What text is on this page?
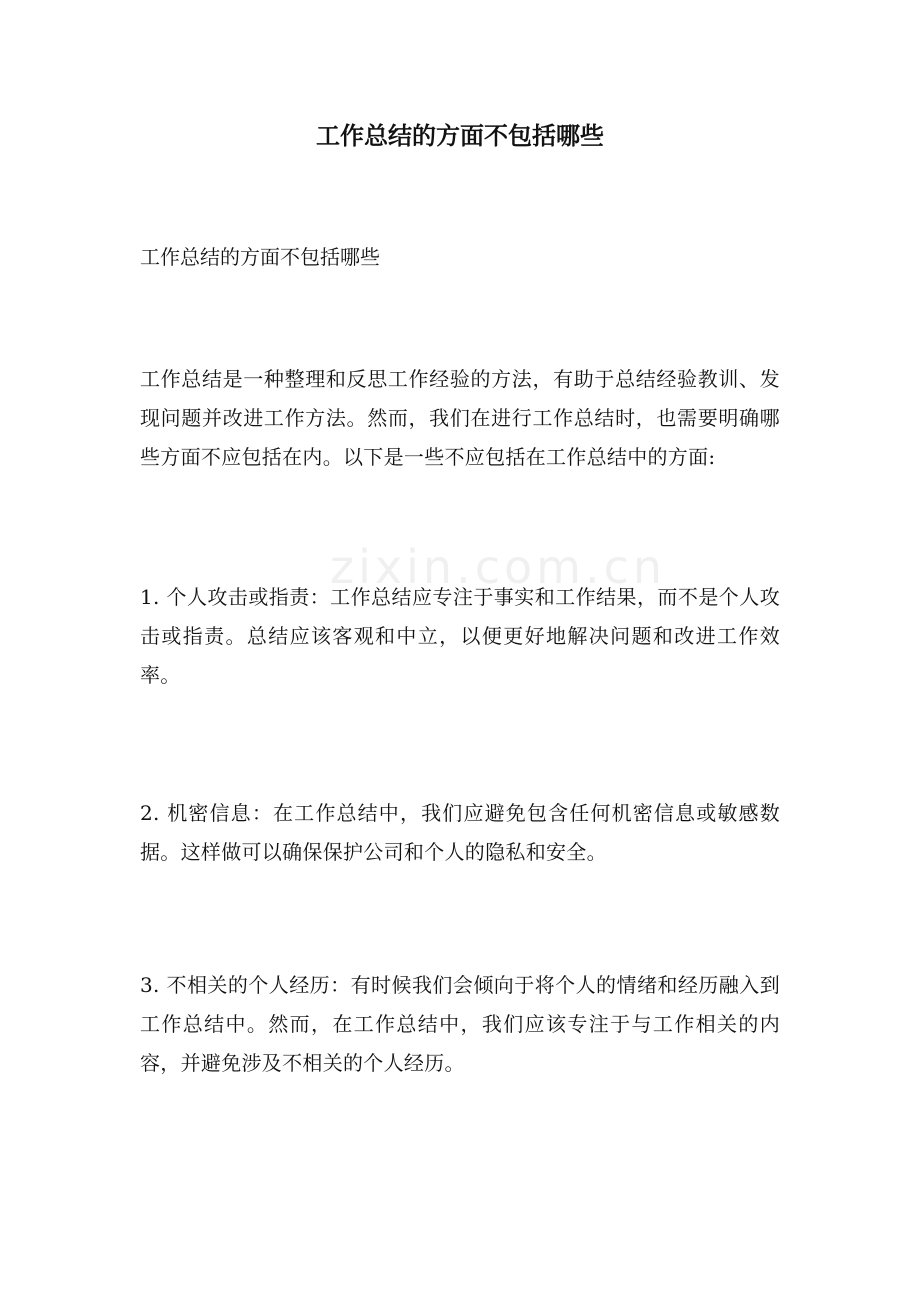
工作总结的方面不包括哪些

工作总结的方面不包括哪些

工作总结是一种整理和反思工作经验的方法，有助于总结经验教训、发现问题并改进工作方法。然而，我们在进行工作总结时，也需要明确哪些方面不应包括在内。以下是一些不应包括在工作总结中的方面:

zixin.com.cn

1. 个人攻击或指责：工作总结应专注于事实和工作结果，而不是个人攻击或指责。总结应该客观和中立，以便更好地解决问题和改进工作效率。

2. 机密信息：在工作总结中，我们应避免包含任何机密信息或敏感数据。这样做可以确保保护公司和个人的隐私和安全。

3. 不相关的个人经历：有时候我们会倾向于将个人的情绪和经历融入到工作总结中。然而，在工作总结中，我们应该专注于与工作相关的内容，并避免涉及不相关的个人经历。
